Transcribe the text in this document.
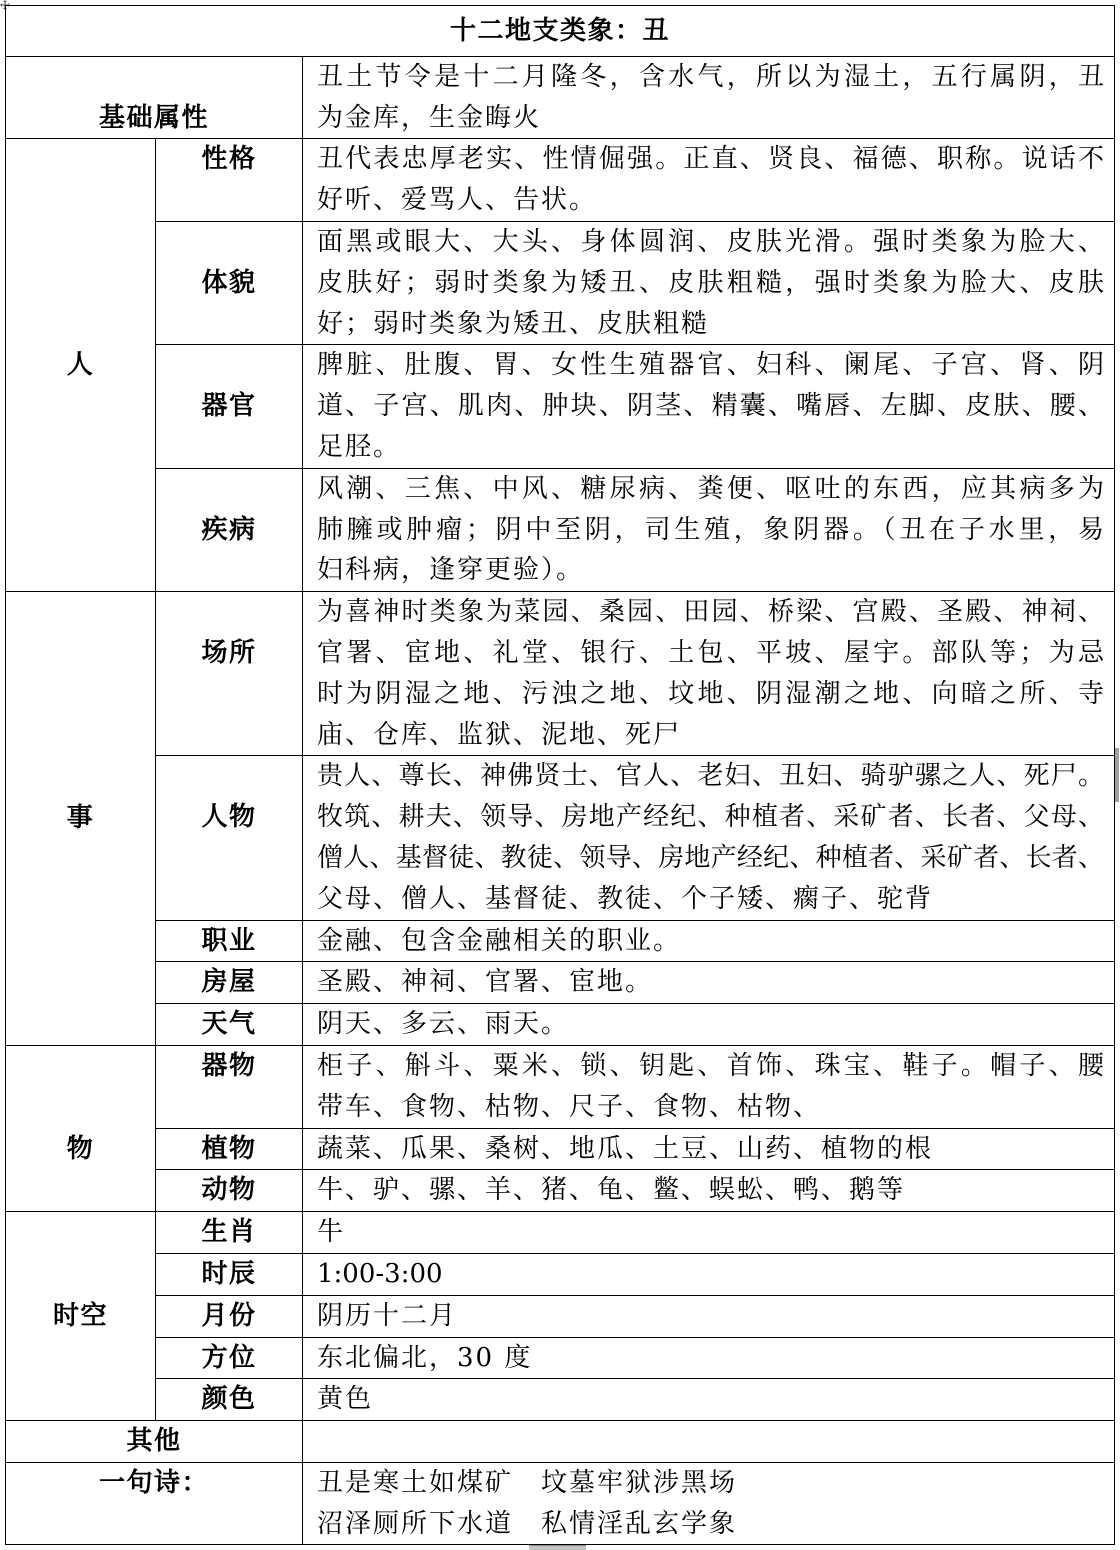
十二地支类象：丑		
基础属性		丑土节令是十二月隆冬，含水气，所以为湿土，五行属阴，丑
为金库，生金晦火

人	性格	丑代表忠厚老实、性情倔强。正直、贤良、福德、职称。说话不
好听、爱骂人、告状。

	体貌	面黑或眼大、大头、身体圆润、皮肤光滑。强时类象为脸大、
皮肤好；弱时类象为矮丑、皮肤粗糙，强时类象为脸大、皮肤
好；弱时类象为矮丑、皮肤粗糙

	器官	脾脏、肚腹、胃、女性生殖器官、妇科、阑尾、子宫、肾、阴
道、子宫、肌肉、肿块、阴茎、精囊、嘴唇、左脚、皮肤、腰、
足胫。

	疾病	风潮、三焦、中风、糖尿病、粪便、呕吐的东西，应其病多为
肺臃或肿瘤；阴中至阴，司生殖，象阴器。（丑在子水里，易
妇科病，逢穿更验）。

事	场所	为喜神时类象为菜园、桑园、田园、桥梁、宫殿、圣殿、神祠、
官署、宦地、礼堂、银行、土包、平坡、屋宇。部队等；为忌
时为阴湿之地、污浊之地、坟地、阴湿潮之地、向暗之所、寺
庙、仓库、监狱、泥地、死尸

	人物	贵人、尊长、神佛贤士、官人、老妇、丑妇、骑驴骡之人、死尸。
牧筑、耕夫、领导、房地产经纪、种植者、采矿者、长者、父母、
僧人、基督徒、教徒、领导、房地产经纪、种植者、采矿者、长者、
父母、僧人、基督徒、教徒、个子矮、瘸子、驼背

	职业	金融、包含金融相关的职业。

	房屋	圣殿、神祠、官署、宦地。

	天气	阴天、多云、雨天。

物	器物	柜子、斛斗、粟米、锁、钥匙、首饰、珠宝、鞋子。帽子、腰
带车、食物、枯物、尺子、食物、枯物、

	植物	蔬菜、瓜果、桑树、地瓜、土豆、山药、植物的根

	动物	牛、驴、骡、羊、猪、龟、鳖、蜈蚣、鸭、鹅等

时空	生肖	牛

	时辰	1:00-3:00

	月份	阴历十二月

	方位	东北偏北，30 度

	颜色	黄色

其他		

一句诗：		丑是寒土如煤矿　坟墓牢狱涉黑场
沼泽厕所下水道　私情淫乱玄学象
